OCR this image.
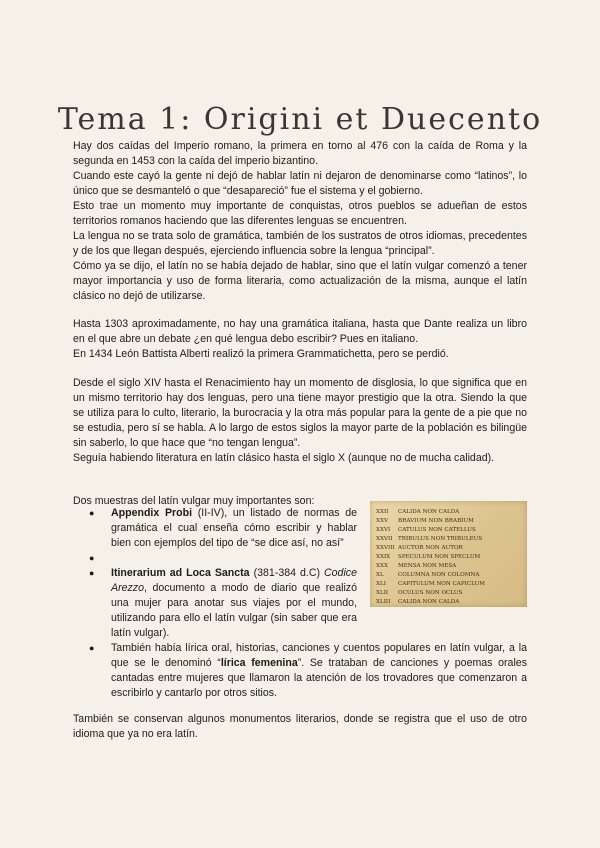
Tema 1: Origini et Duecento

Hay dos caídas del Imperio romano, la primera en torno al 476 con la caída de Roma y la segunda en 1453 con la caída del imperio bizantino.

Cuando este cayó la gente ni dejó de hablar latín ni dejaron de denominarse como “latinos”, lo único que se desmanteló o que “desapareció” fue el sistema y el gobierno.

Esto trae un momento muy importante de conquistas, otros pueblos se adueñan de estos territorios romanos haciendo que las diferentes lenguas se encuentren.

La lengua no se trata solo de gramática, también de los sustratos de otros idiomas, precedentes y de los que llegan después, ejerciendo influencia sobre la lengua “principal”.

Cómo ya se dijo, el latín no se había dejado de hablar, sino que el latín vulgar comenzó a tener mayor importancia y uso de forma literaria, como actualización de la misma, aunque el latín clásico no dejó de utilizarse.

Hasta 1303 aproximadamente, no hay una gramática italiana, hasta que Dante realiza un libro en el que abre un debate ¿en qué lengua debo escribir? Pues en italiano.

En 1434 León Battista Alberti realizó la primera Grammatichetta, pero se perdió.

Desde el siglo XIV hasta el Renacimiento hay un momento de disglosia, lo que significa que en un mismo territorio hay dos lenguas, pero una tiene mayor prestigio que la otra. Siendo la que se utiliza para lo culto, literario, la burocracia y la otra más popular para la gente de a pie que no se estudia, pero sí se habla. A lo largo de estos siglos la mayor parte de la población es bilingüe sin saberlo, lo que hace que “no tengan lengua”.

Seguía habiendo literatura en latín clásico hasta el siglo X (aunque no de mucha calidad).

Dos muestras del latín vulgar muy importantes son:
● Appendix Probi (II-IV), un listado de normas de gramática el cual enseña cómo escribir y hablar bien con ejemplos del tipo de “se dice así, no así”
●
● Itinerarium ad Loca Sancta (381-384 d.C) Codice Arezzo, documento a modo de diario que realizó una mujer para anotar sus viajes por el mundo, utilizando para ello el latín vulgar (sin saber que era latín vulgar).
● También había lírica oral, historias, canciones y cuentos populares en latín vulgar, a la que se le denominó “lírica femenina”. Se trataban de canciones y poemas orales cantadas entre mujeres que llamaron la atención de los trovadores que comenzaron a escribirlo y cantarlo por otros sitios.
XXII CALIDA NON CALDA
XXV BRAVIUM NON BRABIUM
XXVI CATULUS NON CATELLUS
XXVII TRIBULUS NON TRIBULEUS
XXVIII AUCTOR NON AUTOR
XXIX SPECULUM NON SPECLUM
XXX MENSA NON MESA
XL	COLUMNA NON COLOMNA
XLI CAPITULUM NON CAPICLUM
XLII OCULUS NON OCLUS
XLIII CALIDA NON CALDA
También se conservan algunos monumentos literarios, donde se registra que el uso de otro idioma que ya no era latín.
